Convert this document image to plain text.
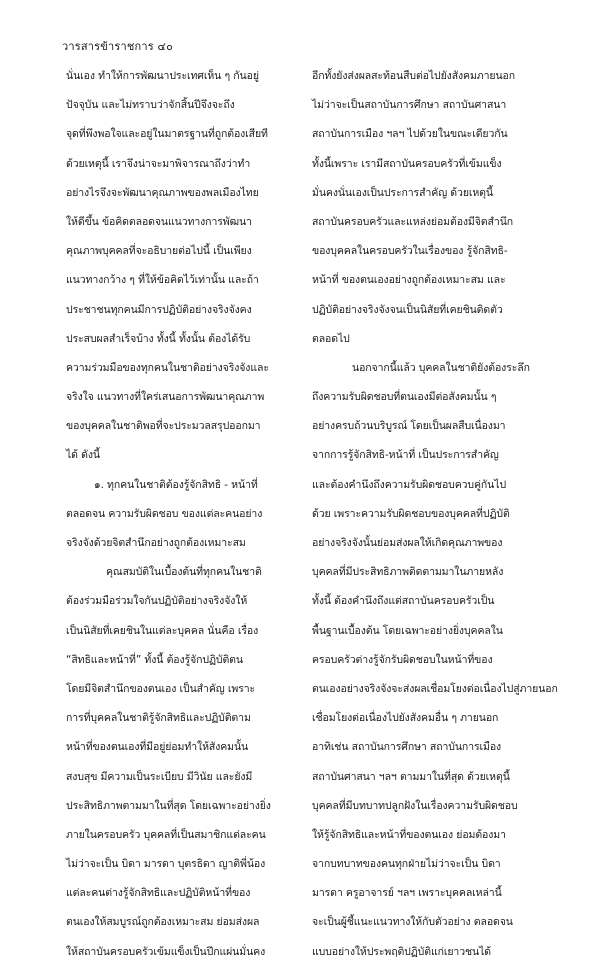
วารสารข้าราชการ ๔๐
นั่นเอง ทำให้การพัฒนาประเทศเห็น ๆ กันอยู่
ปัจจุบัน และไม่ทราบว่าจักสิ้นปีจึงจะถึง
จุดที่พึงพอใจและอยู่ในมาตรฐานที่ถูกต้องเสียที
ด้วยเหตุนี้ เราจึงน่าจะมาพิจารณาถึงว่าทำ
อย่างไรจึงจะพัฒนาคุณภาพของพลเมืองไทย
ให้ดีขึ้น ข้อคิดตลอดจนแนวทางการพัฒนา
คุณภาพบุคคลที่จะอธิบายต่อไปนี้ เป็นเพียง
แนวทางกว้าง ๆ ที่ให้ข้อคิดไว้เท่านั้น และถ้า
ประชาชนทุกคนมีการปฏิบัติอย่างจริงจังคง
ประสบผลสำเร็จบ้าง ทั้งนี้ ทั้งนั้น ต้องได้รับ
ความร่วมมือของทุกคนในชาติอย่างจริงจังและ
จริงใจ แนวทางที่ใคร่เสนอการพัฒนาคุณภาพ
ของบุคคลในชาติพอที่จะประมวลสรุปออกมา
ได้ ดังนี้
๑. ทุกคนในชาติต้องรู้จักสิทธิ - หน้าที่
ตลอดจน ความรับผิดชอบ ของแต่ละคนอย่าง
จริงจังด้วยจิตสำนึกอย่างถูกต้องเหมาะสม
คุณสมบัติในเบื้องต้นที่ทุกคนในชาติ
ต้องร่วมมือร่วมใจกันปฏิบัติอย่างจริงจังให้
เป็นนิสัยที่เคยชินในแต่ละบุคคล นั่นคือ เรื่อง
“สิทธิและหน้าที่” ทั้งนี้ ต้องรู้จักปฏิบัติตน
โดยมีจิตสำนึกของตนเอง เป็นสำคัญ เพราะ
การที่บุคคลในชาติรู้จักสิทธิและปฏิบัติตาม
หน้าที่ของตนเองที่มีอยู่ย่อมทำให้สังคมนั้น
สงบสุข มีความเป็นระเบียบ มีวินัย และยังมี
ประสิทธิภาพตามมาในที่สุด โดยเฉพาะอย่างยิ่ง
ภายในครอบครัว บุคคลที่เป็นสมาชิกแต่ละคน
ไม่ว่าจะเป็น บิดา มารดา บุตรธิดา ญาติพี่น้อง
แต่ละคนต่างรู้จักสิทธิและปฏิบัติหน้าที่ของ
ตนเองให้สมบูรณ์ถูกต้องเหมาะสม ย่อมส่งผล
ให้สถาบันครอบครัวเข้มแข็งเป็นปึกแผ่นมั่นคง
อีกทั้งยังส่งผลสะท้อนสืบต่อไปยังสังคมภายนอก
ไม่ว่าจะเป็นสถาบันการศึกษา สถาบันศาสนา
สถาบันการเมือง ฯลฯ ไปด้วยในขณะเดียวกัน
ทั้งนี้เพราะ เรามีสถาบันครอบครัวที่เข้มแข็ง
มั่นคงนั่นเองเป็นประการสำคัญ ด้วยเหตุนี้
สถาบันครอบครัวและแหล่งย่อมต้องมีจิตสำนึก
ของบุคคลในครอบครัวในเรื่องของ รู้จักสิทธิ-
หน้าที่ ของตนเองอย่างถูกต้องเหมาะสม และ
ปฏิบัติอย่างจริงจังจนเป็นนิสัยที่เคยชินติดตัว
ตลอดไป
นอกจากนี้แล้ว บุคคลในชาติยังต้องระลึก
ถึงความรับผิดชอบที่ตนเองมีต่อสังคมนั้น ๆ
อย่างครบถ้วนบริบูรณ์ โดยเป็นผลสืบเนื่องมา
จากการรู้จักสิทธิ-หน้าที่ เป็นประการสำคัญ
และต้องคำนึงถึงความรับผิดชอบควบคู่กันไป
ด้วย เพราะความรับผิดชอบของบุคคลที่ปฏิบัติ
อย่างจริงจังนั้นย่อมส่งผลให้เกิดคุณภาพของ
บุคคลที่มีประสิทธิภาพติดตามมาในภายหลัง
ทั้งนี้ ต้องคำนึงถึงแต่สถาบันครอบครัวเป็น
พื้นฐานเบื้องต้น โดยเฉพาะอย่างยิ่งบุคคลใน
ครอบครัวต่างรู้จักรับผิดชอบในหน้าที่ของ
ตนเองอย่างจริงจังจะส่งผลเชื่อมโยงต่อเนื่องไปสู่ภายนอก
เชื่อมโยงต่อเนื่องไปยังสังคมอื่น ๆ ภายนอก
อาทิเช่น สถาบันการศึกษา สถาบันการเมือง
สถาบันศาสนา ฯลฯ ตามมาในที่สุด ด้วยเหตุนี้
บุคคลที่มีบทบาทปลูกฝังในเรื่องความรับผิดชอบ
ให้รู้จักสิทธิและหน้าที่ของตนเอง ย่อมต้องมา
จากบทบาทของคนทุกฝ่ายไม่ว่าจะเป็น บิดา
มารดา ครูอาจารย์ ฯลฯ เพราะบุคคลเหล่านี้
จะเป็นผู้ชี้แนะแนวทางให้กับตัวอย่าง ตลอดจน
แบบอย่างให้ประพฤติปฏิบัติแก่เยาวชนได้
